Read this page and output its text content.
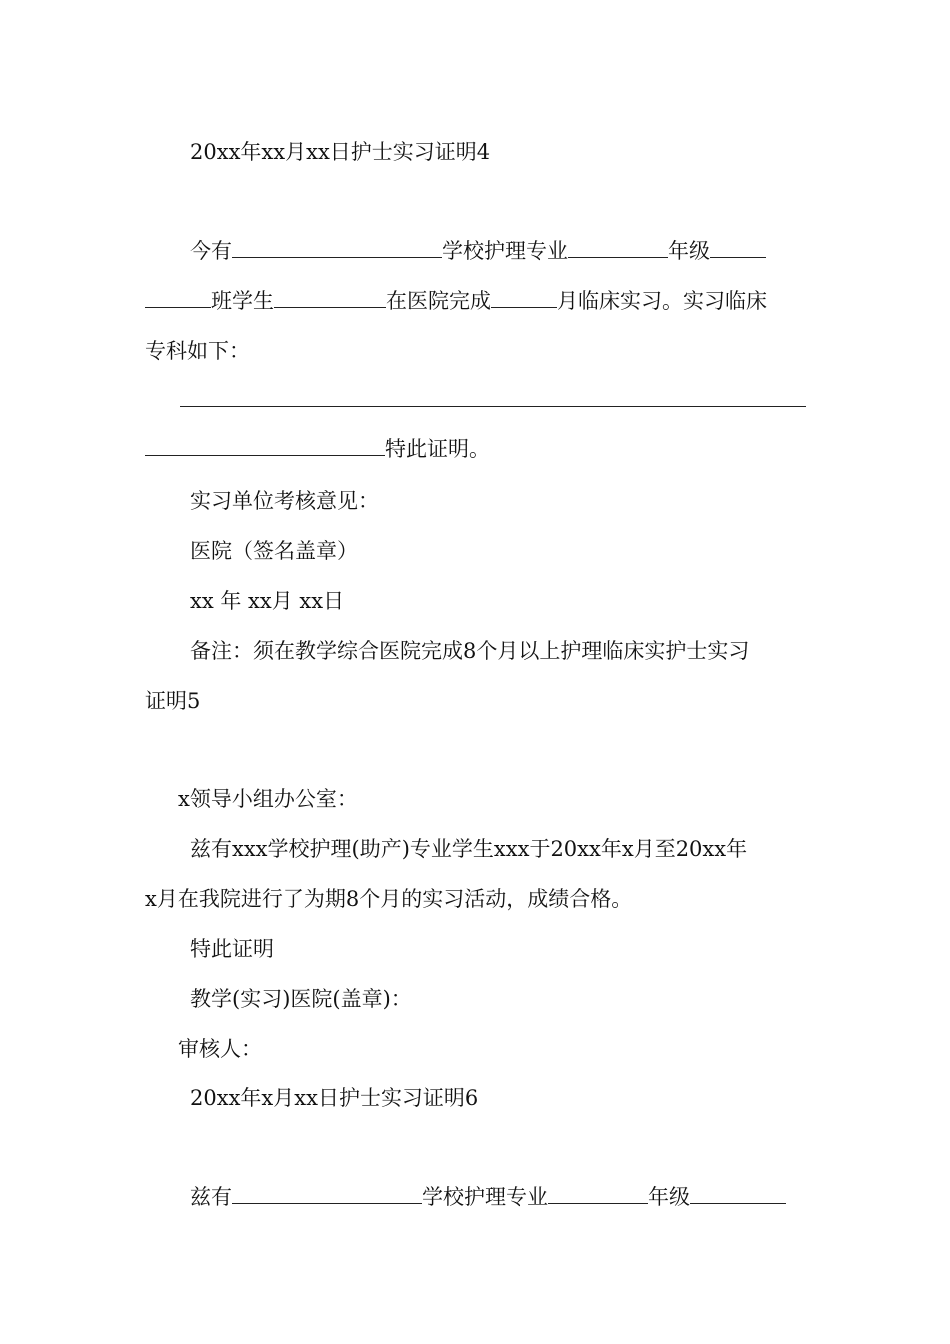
20xx年xx月xx日护士实习证明4
今有	学校护理专业	年级
班学生	在医院完成	月临床实习。实习临床
专科如下：
特此证明。
实习单位考核意见：
医院（签名盖章）
xx 年 xx月 xx日
备注：须在教学综合医院完成8个月以上护理临床实护士实习
证明5
x领导小组办公室：
兹有xxx学校护理(助产)专业学生xxx于20xx年x月至20xx年
x月在我院进行了为期8个月的实习活动，成绩合格。
特此证明
教学(实习)医院(盖章)：
审核人：
20xx年x月xx日护士实习证明6
兹有	学校护理专业	年级
